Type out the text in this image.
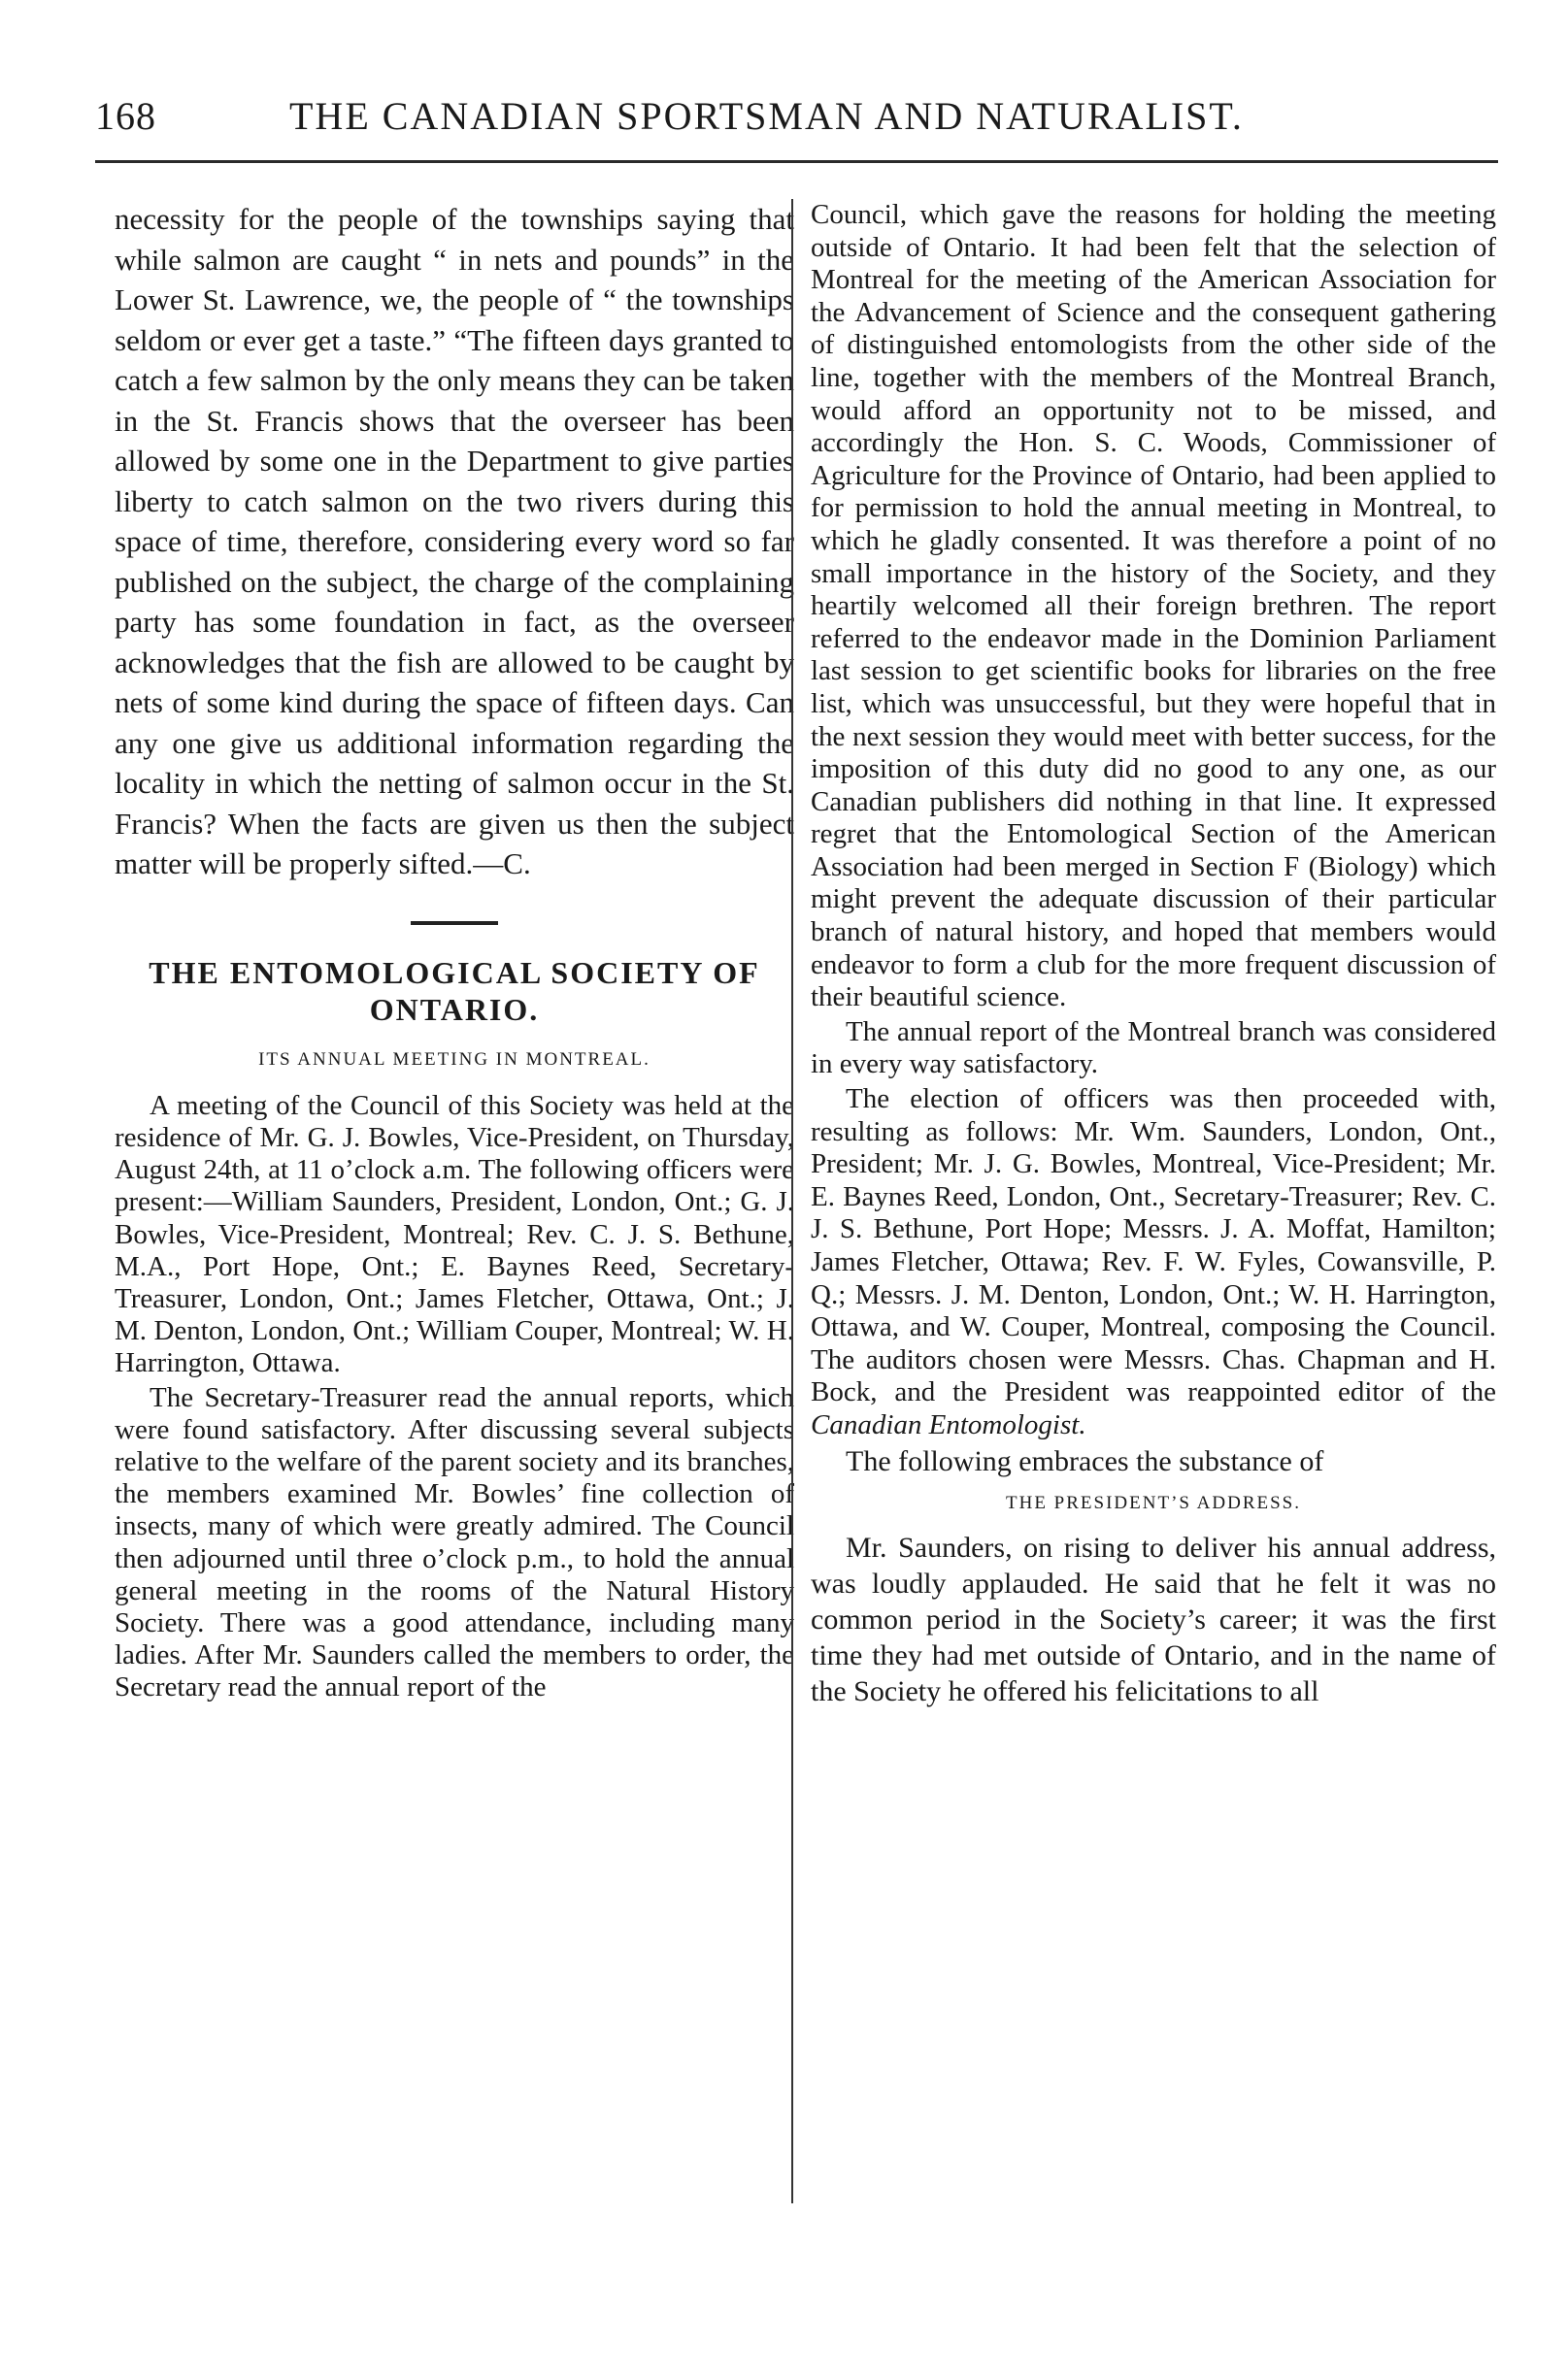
168	THE CANADIAN SPORTSMAN AND NATURALIST.

necessity for the people of the townships saying that while salmon are caught “ in nets and pounds” in the Lower St. Lawrence, we, the people of “ the townships seldom or ever get a taste.” “The fifteen days granted to catch a few salmon by the only means they can be taken in the St. Francis shows that the overseer has been allowed by some one in the Department to give parties liberty to catch salmon on the two rivers during this space of time, therefore, considering every word so far published on the subject, the charge of the complaining party has some foundation in fact, as the overseer acknowledges that the fish are allowed to be caught by nets of some kind during the space of fifteen days. Can any one give us additional information regarding the locality in which the netting of salmon occur in the St. Francis? When the facts are given us then the subject matter will be properly sifted.—C.

THE ENTOMOLOGICAL SOCIETY OF ONTARIO.
ITS ANNUAL MEETING IN MONTREAL.

A meeting of the Council of this Society was held at the residence of Mr. G. J. Bowles, Vice-President, on Thursday, August 24th, at 11 o’clock a.m. The following officers were present:—William Saunders, President, London, Ont.; G. J. Bowles, Vice-President, Montreal; Rev. C. J. S. Bethune, M.A., Port Hope, Ont.; E. Baynes Reed, Secretary-Treasurer, London, Ont.; James Fletcher, Ottawa, Ont.; J. M. Denton, London, Ont.; William Couper, Montreal; W. H. Harrington, Ottawa.

The Secretary-Treasurer read the annual reports, which were found satisfactory. After discussing several subjects relative to the welfare of the parent society and its branches, the members examined Mr. Bowles’ fine collection of insects, many of which were greatly admired. The Council then adjourned until three o’clock p.m., to hold the annual general meeting in the rooms of the Natural History Society. There was a good attendance, including many ladies. After Mr. Saunders called the members to order, the Secretary read the annual report of the

Council, which gave the reasons for holding the meeting outside of Ontario. It had been felt that the selection of Montreal for the meeting of the American Association for the Advancement of Science and the consequent gathering of distinguished entomologists from the other side of the line, together with the members of the Montreal Branch, would afford an opportunity not to be missed, and accordingly the Hon. S. C. Woods, Commissioner of Agriculture for the Province of Ontario, had been applied to for permission to hold the annual meeting in Montreal, to which he gladly consented. It was therefore a point of no small importance in the history of the Society, and they heartily welcomed all their foreign brethren. The report referred to the endeavor made in the Dominion Parliament last session to get scientific books for libraries on the free list, which was unsuccessful, but they were hopeful that in the next session they would meet with better success, for the imposition of this duty did no good to any one, as our Canadian publishers did nothing in that line. It expressed regret that the Entomological Section of the American Association had been merged in Section F (Biology) which might prevent the adequate discussion of their particular branch of natural history, and hoped that members would endeavor to form a club for the more frequent discussion of their beautiful science.

The annual report of the Montreal branch was considered in every way satisfactory.

The election of officers was then proceeded with, resulting as follows: Mr. Wm. Saunders, London, Ont., President; Mr. J. G. Bowles, Montreal, Vice-President; Mr. E. Baynes Reed, London, Ont., Secretary-Treasurer; Rev. C. J. S. Bethune, Port Hope; Messrs. J. A. Moffat, Hamilton; James Fletcher, Ottawa; Rev. F. W. Fyles, Cowansville, P. Q.; Messrs. J. M. Denton, London, Ont.; W. H. Harrington, Ottawa, and W. Couper, Montreal, composing the Council. The auditors chosen were Messrs. Chas. Chapman and H. Bock, and the President was reappointed editor of the Canadian Entomologist.

The following embraces the substance of

THE PRESIDENT’S ADDRESS.

Mr. Saunders, on rising to deliver his annual address, was loudly applauded. He said that he felt it was no common period in the Society’s career; it was the first time they had met outside of Ontario, and in the name of the Society he offered his felicitations to all
